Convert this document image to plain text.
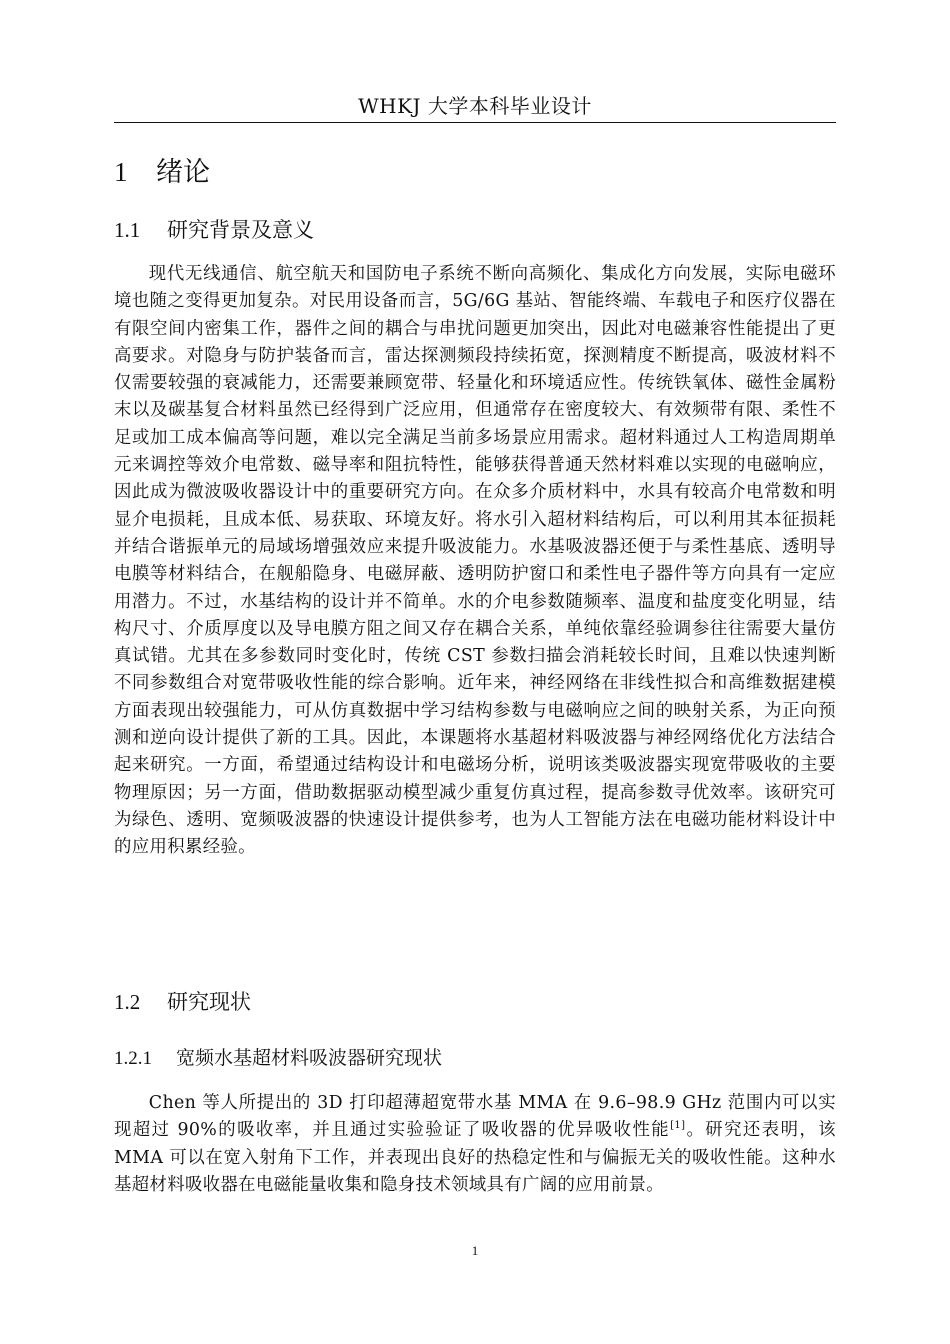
WHKJ 大学本科毕业设计
1 绪论
1.1 研究背景及意义

现代无线通信、航空航天和国防电子系统不断向高频化、集成化方向发展，实际电磁环境也随之变得更加复杂。对民用设备而言，5G/6G 基站、智能终端、车载电子和医疗仪器在有限空间内密集工作，器件之间的耦合与串扰问题更加突出，因此对电磁兼容性能提出了更高要求。对隐身与防护装备而言，雷达探测频段持续拓宽，探测精度不断提高，吸波材料不仅需要较强的衰减能力，还需要兼顾宽带、轻量化和环境适应性。传统铁氧体、磁性金属粉末以及碳基复合材料虽然已经得到广泛应用，但通常存在密度较大、有效频带有限、柔性不足或加工成本偏高等问题，难以完全满足当前多场景应用需求。超材料通过人工构造周期单元来调控等效介电常数、磁导率和阻抗特性，能够获得普通天然材料难以实现的电磁响应，因此成为微波吸收器设计中的重要研究方向。在众多介质材料中，水具有较高介电常数和明显介电损耗，且成本低、易获取、环境友好。将水引入超材料结构后，可以利用其本征损耗并结合谐振单元的局域场增强效应来提升吸波能力。水基吸波器还便于与柔性基底、透明导电膜等材料结合，在舰船隐身、电磁屏蔽、透明防护窗口和柔性电子器件等方向具有一定应用潜力。不过，水基结构的设计并不简单。水的介电参数随频率、温度和盐度变化明显，结构尺寸、介质厚度以及导电膜方阻之间又存在耦合关系，单纯依靠经验调参往往需要大量仿真试错。尤其在多参数同时变化时，传统 CST 参数扫描会消耗较长时间，且难以快速判断不同参数组合对宽带吸收性能的综合影响。近年来，神经网络在非线性拟合和高维数据建模方面表现出较强能力，可从仿真数据中学习结构参数与电磁响应之间的映射关系，为正向预测和逆向设计提供了新的工具。因此，本课题将水基超材料吸波器与神经网络优化方法结合起来研究。一方面，希望通过结构设计和电磁场分析，说明该类吸波器实现宽带吸收的主要物理原因；另一方面，借助数据驱动模型减少重复仿真过程，提高参数寻优效率。该研究可为绿色、透明、宽频吸波器的快速设计提供参考，也为人工智能方法在电磁功能材料设计中的应用积累经验。

1.2 研究现状
1.2.1 宽频水基超材料吸波器研究现状

Chen 等人所提出的 3D 打印超薄超宽带水基 MMA 在 9.6–98.9 GHz 范围内可以实现超过 90%的吸收率，并且通过实验验证了吸收器的优异吸收性能[1]。研究还表明，该 MMA 可以在宽入射角下工作，并表现出良好的热稳定性和与偏振无关的吸收性能。这种水基超材料吸收器在电磁能量收集和隐身技术领域具有广阔的应用前景。

1
